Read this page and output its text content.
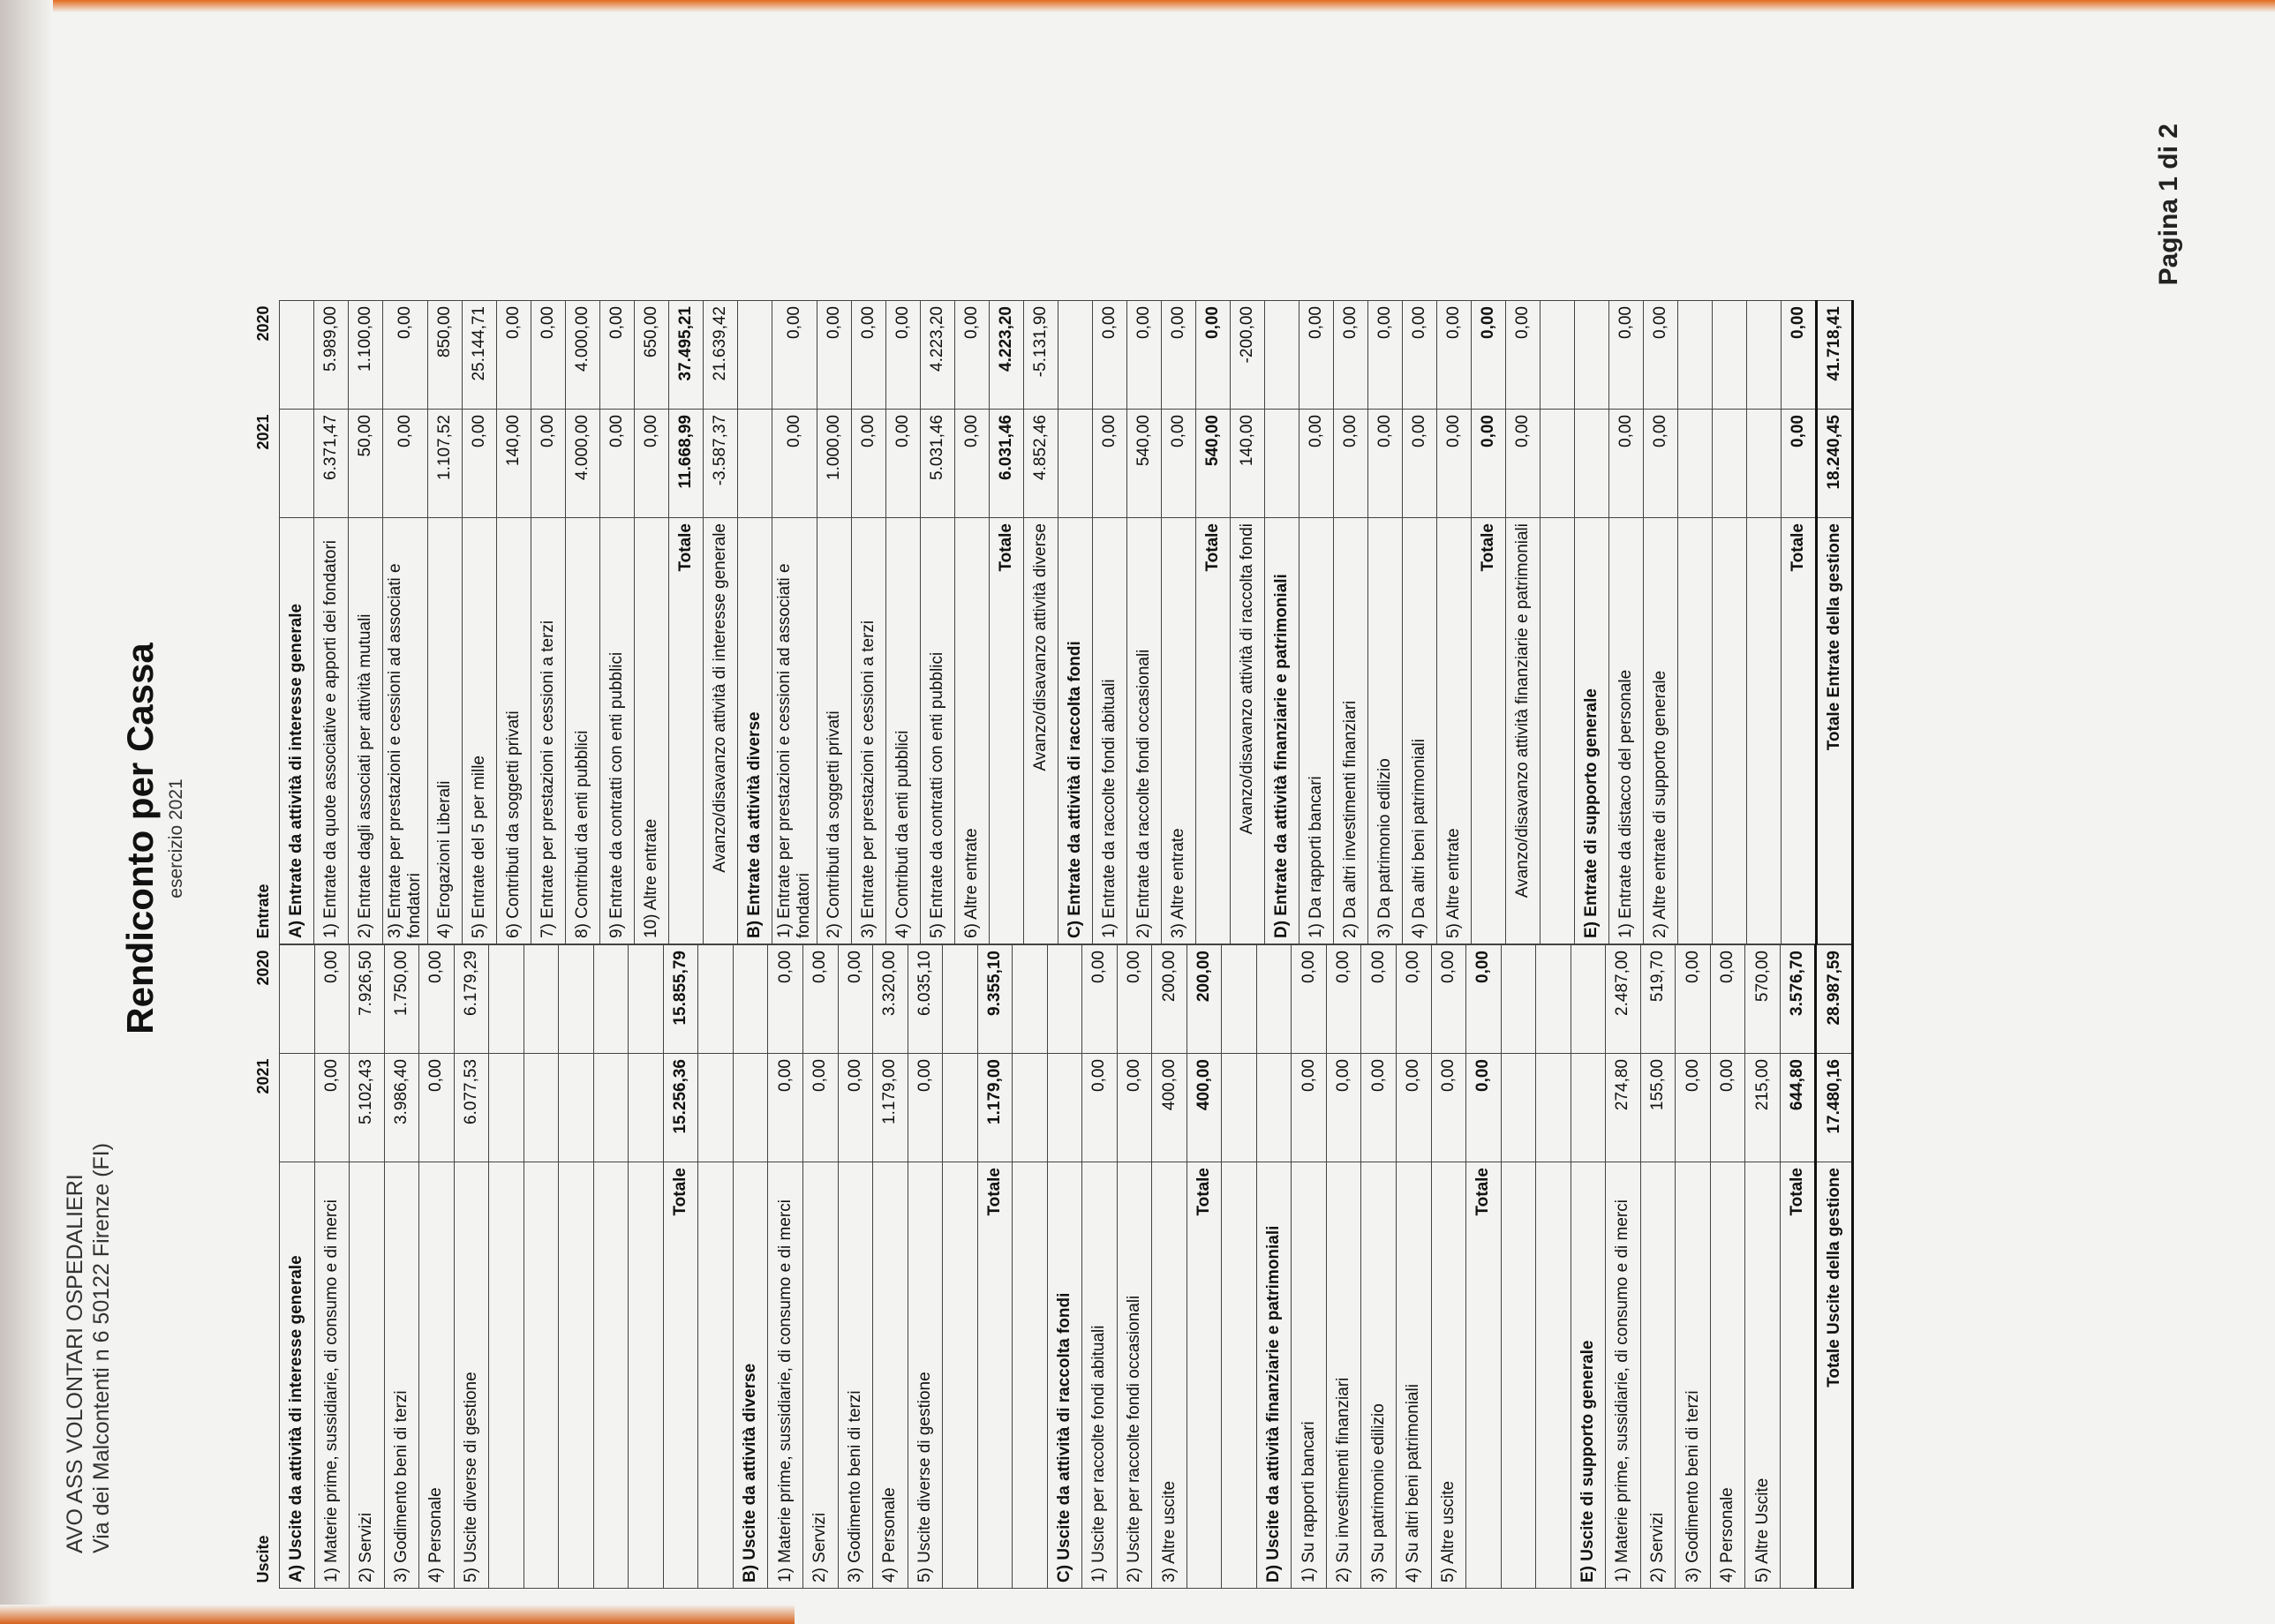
AVO ASS VOLONTARI OSPEDALIERI Via dei Malcontenti n 6 50122 Firenze (FI)
Rendiconto per Cassa esercizio 2021
Uscite	2021	2020
A) Uscite da attività di interesse generale		
1) Materie prime, sussidiarie, di consumo e di merci	0,00	0,00
2) Servizi	5.102,43	7.926,50
3) Godimento beni di terzi	3.986,40	1.750,00
4) Personale	0,00	0,00
5) Uscite diverse di gestione	6.077,53	6.179,29

Totale	15.256,36	15.855,79

B) Uscite da attività diverse		
1) Materie prime, sussidiarie, di consumo e di merci	0,00	0,00
2) Servizi	0,00	0,00
3) Godimento beni di terzi	0,00	0,00
4) Personale	1.179,00	3.320,00
5) Uscite diverse di gestione	0,00	6.035,10

Totale	1.179,00	9.355,10

C) Uscite da attività di raccolta fondi		
1) Uscite per raccolte fondi abituali	0,00	0,00
2) Uscite per raccolte fondi occasionali	0,00	0,00
3) Altre uscite	400,00	200,00
Totale	400,00	200,00

D) Uscite da attività finanziarie e patrimoniali		
1) Su rapporti bancari	0,00	0,00
2) Su investimenti finanziari	0,00	0,00
3) Su patrimonio edilizio	0,00	0,00
4) Su altri beni patrimoniali	0,00	0,00
5) Altre uscite	0,00	0,00
Totale	0,00	0,00

E) Uscite di supporto generale		
1) Materie prime, sussidiarie, di consumo e di merci	274,80	2.487,00
2) Servizi	155,00	519,70
3) Godimento beni di terzi	0,00	0,00
4) Personale	0,00	0,00
5) Altre Uscite	215,00	570,00
Totale	644,80	3.576,70
Totale Uscite della gestione	17.480,16	28.987,59
Entrate	2021	2020
A) Entrate da attività di interesse generale		
1) Entrate da quote associative e apporti dei fondatori	6.371,47	5.989,00
2) Entrate dagli associati per attività mutuali	50,00	1.100,00
3) Entrate per prestazioni e cessioni ad associati e fondatori	0,00	0,00
4) Erogazioni Liberali	1.107,52	850,00
5) Entrate del 5 per mille	0,00	25.144,71
6) Contributi da soggetti privati	140,00	0,00
7) Entrate per prestazioni e cessioni a terzi	0,00	0,00
8) Contributi da enti pubblici	4.000,00	4.000,00
9) Entrate da contratti con enti pubblici	0,00	0,00
10) Altre entrate	0,00	650,00
Totale	11.668,99	37.495,21
Avanzo/disavanzo attività di interesse generale	-3.587,37	21.639,42
B) Entrate da attività diverse		
1) Entrate per prestazioni e cessioni ad associati e fondatori	0,00	0,00
2) Contributi da soggetti privati	1.000,00	0,00
3) Entrate per prestazioni e cessioni a terzi	0,00	0,00
4) Contributi da enti pubblici	0,00	0,00
5) Entrate da contratti con enti pubblici	5.031,46	4.223,20
6) Altre entrate	0,00	0,00
Totale	6.031,46	4.223,20
Avanzo/disavanzo attività diverse	4.852,46	-5.131,90
C) Entrate da attività di raccolta fondi		
1) Entrate da raccolte fondi abituali	0,00	0,00
2) Entrate da raccolte fondi occasionali	540,00	0,00
3) Altre entrate	0,00	0,00
Totale	540,00	0,00
Avanzo/disavanzo attività di raccolta fondi	140,00	-200,00
D) Entrate da attività finanziarie e patrimoniali		
1) Da rapporti bancari	0,00	0,00
2) Da altri investimenti finanziari	0,00	0,00
3) Da patrimonio edilizio	0,00	0,00
4) Da altri beni patrimoniali	0,00	0,00
5) Altre entrate	0,00	0,00
Totale	0,00	0,00
Avanzo/disavanzo attività finanziarie e patrimoniali	0,00	0,00

E) Entrate di supporto generale		
1) Entrate da distacco del personale	0,00	0,00
2) Altre entrate di supporto generale	0,00	0,00

Totale	0,00	0,00
Totale Entrate della gestione	18.240,45	41.718,41
Pagina 1 di 2
